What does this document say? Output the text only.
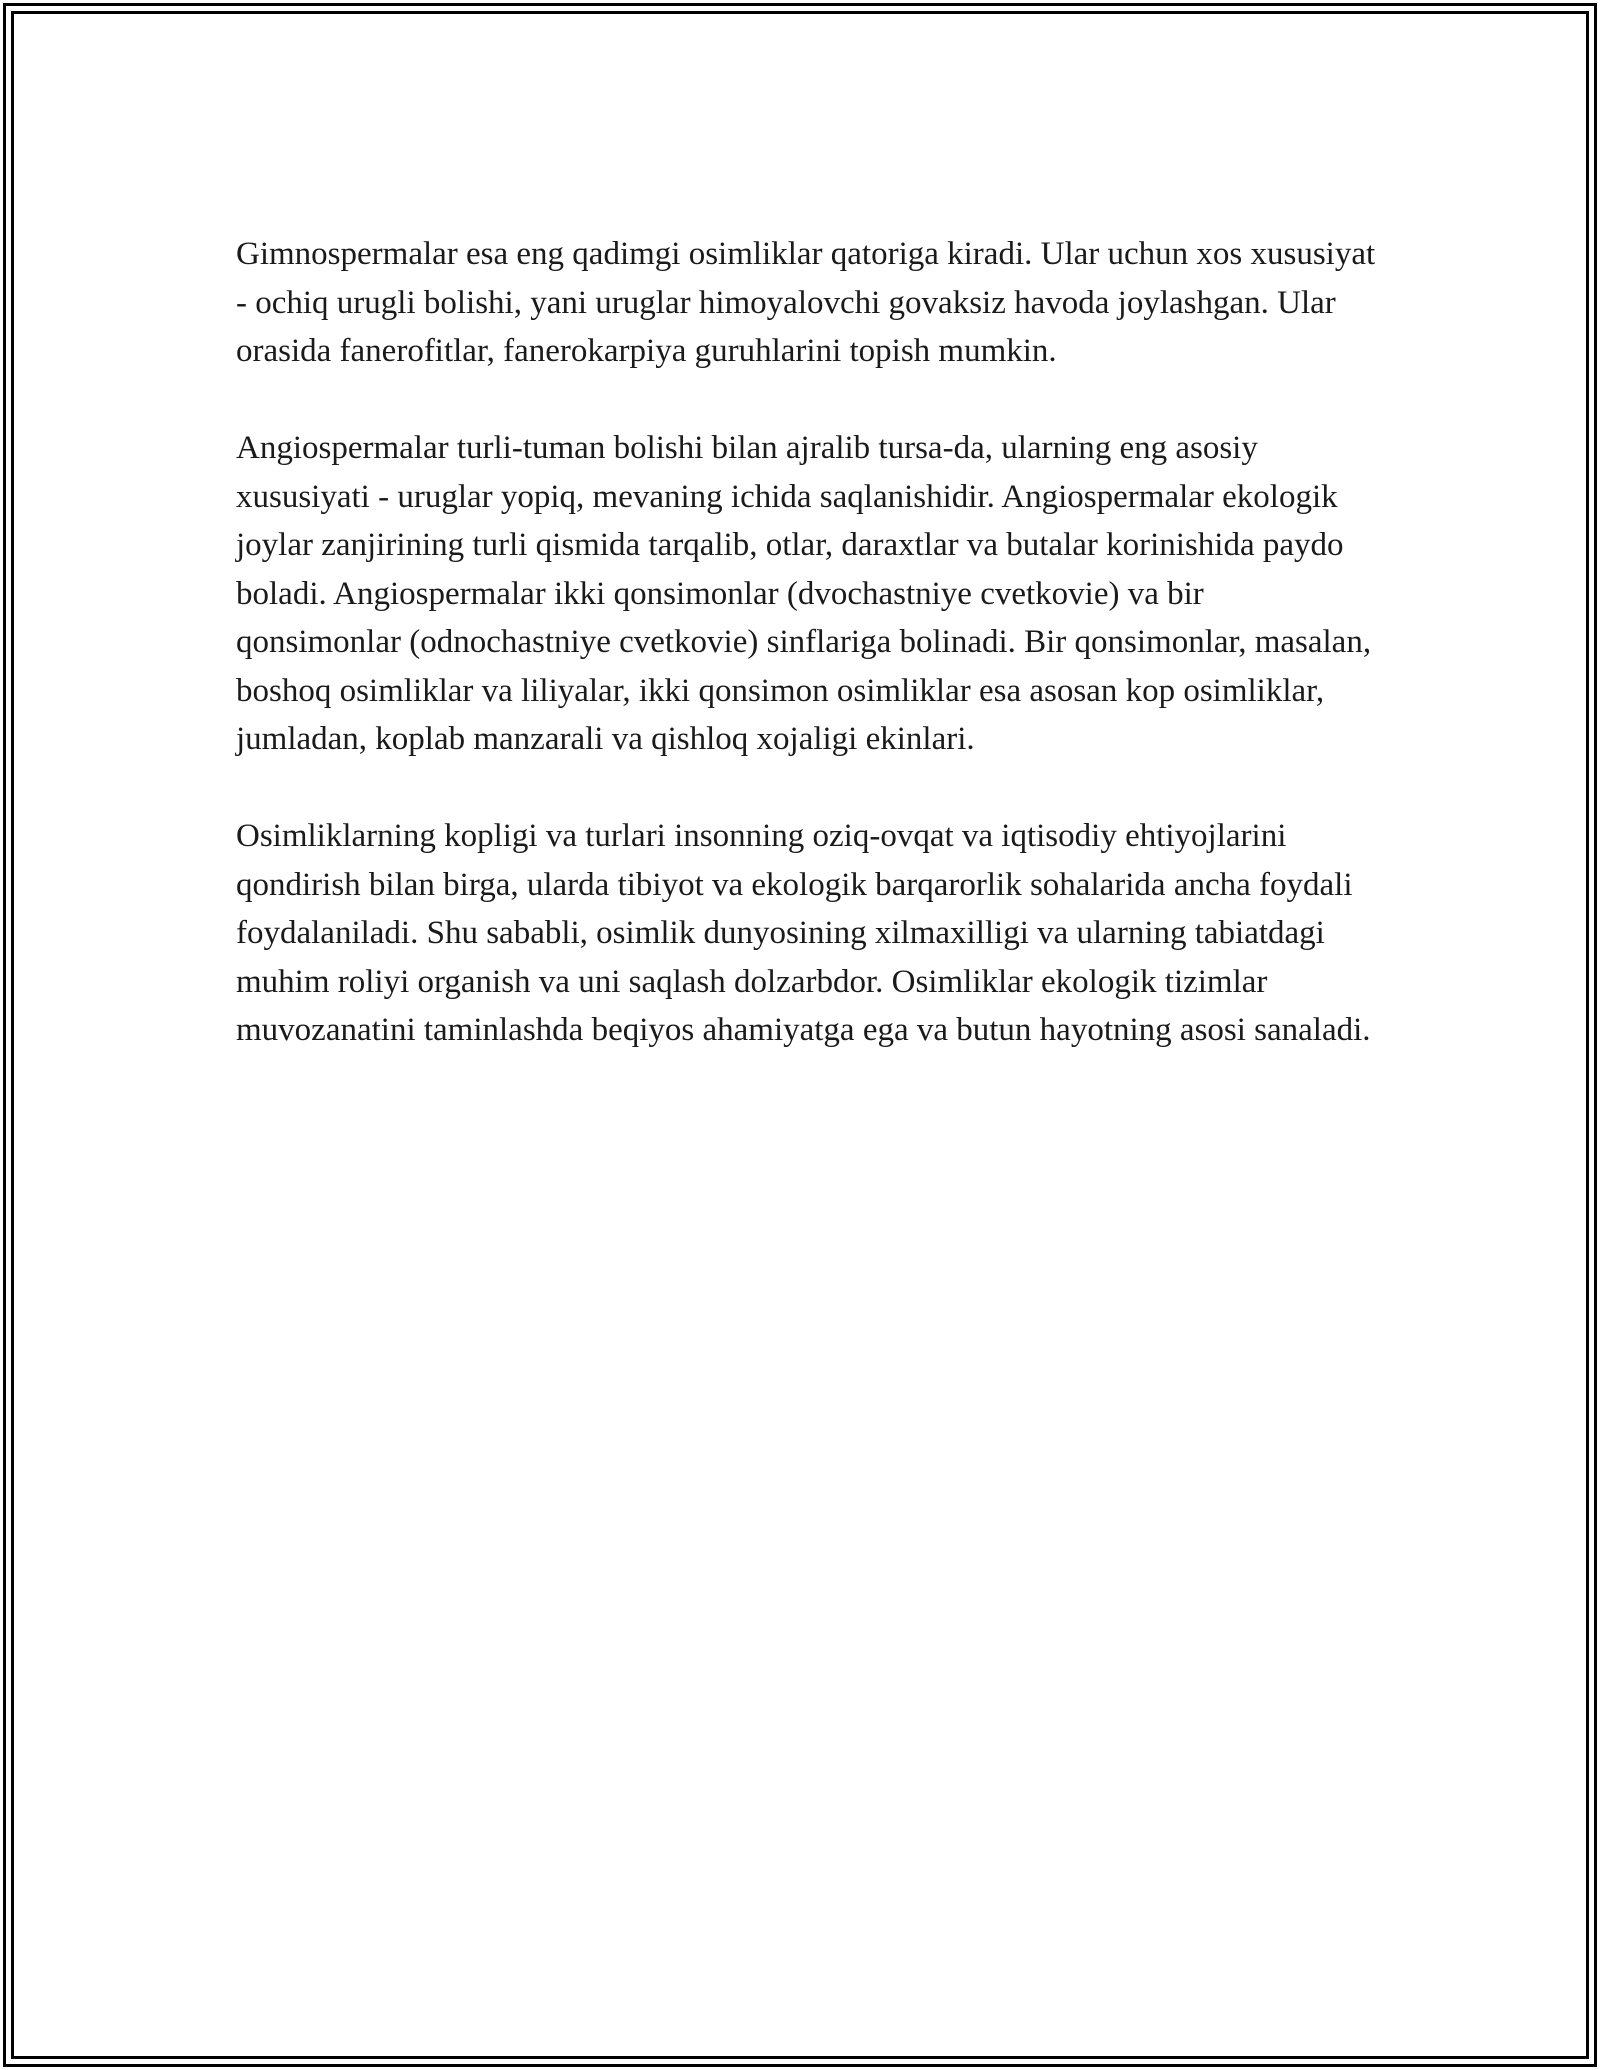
Gimnospermalar esa eng qadimgi osimliklar qatoriga kiradi. Ular uchun xos xususiyat - ochiq urugli bolishi, yani uruglar himoyalovchi govaksiz havoda joylashgan. Ular orasida fanerofitlar, fanerokarpiya guruhlarini topish mumkin.

Angiospermalar turli-tuman bolishi bilan ajralib tursa-da, ularning eng asosiy xususiyati - uruglar yopiq, mevaning ichida saqlanishidir. Angiospermalar ekologik joylar zanjirining turli qismida tarqalib, otlar, daraxtlar va butalar korinishida paydo boladi. Angiospermalar ikki qonsimonlar (dvochastniye cvetkovie) va bir qonsimonlar (odnochastniye cvetkovie) sinflariga bolinadi. Bir qonsimonlar, masalan, boshoq osimliklar va liliyalar, ikki qonsimon osimliklar esa asosan kop osimliklar, jumladan, koplab manzarali va qishloq xojaligi ekinlari.

Osimliklarning kopligi va turlari insonning oziq-ovqat va iqtisodiy ehtiyojlarini qondirish bilan birga, ularda tibiyot va ekologik barqarorlik sohalarida ancha foydali foydalaniladi. Shu sababli, osimlik dunyosining xilmaxilligi va ularning tabiatdagi muhim roliyi organish va uni saqlash dolzarbdor. Osimliklar ekologik tizimlar muvozanatini taminlashda beqiyos ahamiyatga ega va butun hayotning asosi sanaladi.
